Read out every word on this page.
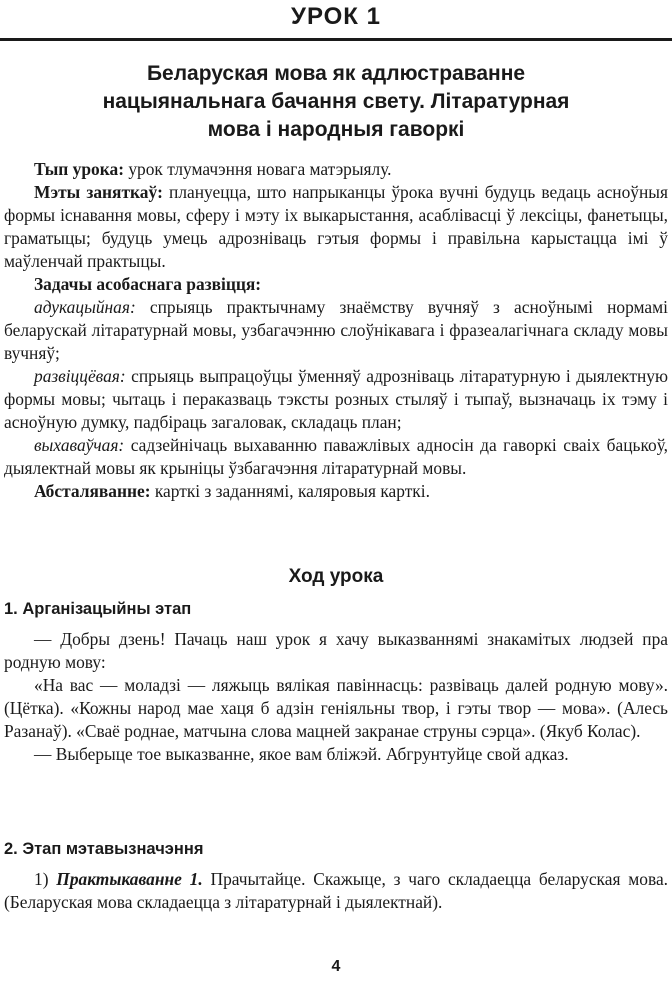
УРОК 1
Беларуская мова як адлюстраванне
нацыянальнага бачання свету. Літаратурная
мова і народныя гаворкі

Тып урока: урок тлумачэння новага матэрыялу.

Мэты заняткаў: плануецца, што напрыканцы ўрока вучні будуць ведаць асноўныя формы існавання мовы, сферу і мэту іх выкарыстання, асаблівасці ў лексіцы, фанетыцы, граматыцы; будуць умець адрозніваць гэтыя формы і правільна карыстацца імі ў маўленчай практыцы.

Задачы асобаснага развіцця:

адукацыйная: спрыяць практычнаму знаёмству вучняў з асноўнымі нормамі беларускай літаратурнай мовы, узбагачэнню слоўнікавага і фразеалагічнага складу мовы вучняў;

развіццёвая: спрыяць выпрацоўцы ўменняў адрозніваць літаратурную і дыялектную формы мовы; чытаць і пераказваць тэксты розных стыляў і тыпаў, вызначаць іх тэму і асноўную думку, падбіраць загаловак, складаць план;

выхаваўчая: садзейнічаць выхаванню паважлівых адносін да гаворкі сваіх бацькоў, дыялектнай мовы як крыніцы ўзбагачэння літаратурнай мовы.

Абсталяванне: карткі з заданнямі, каляровыя карткі.

Ход урока
1. Арганізацыйны этап

— Добры дзень! Пачаць наш урок я хачу выказваннямі знакамітых людзей пра родную мову:

«На вас — моладзі — ляжыць вялікая павіннасць: развіваць далей родную мову». (Цётка). «Кожны народ мае хаця б адзін геніяльны твор, і гэты твор — мова». (Алесь Разанаў). «Сваё роднае, матчына слова мацней закранае струны сэрца». (Якуб Колас).

— Выберыце тое выказванне, якое вам бліжэй. Абгрунтуйце свой адказ.

2. Этап мэтавызначэння

1) Практыкаванне 1. Прачытайце. Скажыце, з чаго складаецца беларуская мова. (Беларуская мова складаецца з літаратурнай і дыялектнай).

4
